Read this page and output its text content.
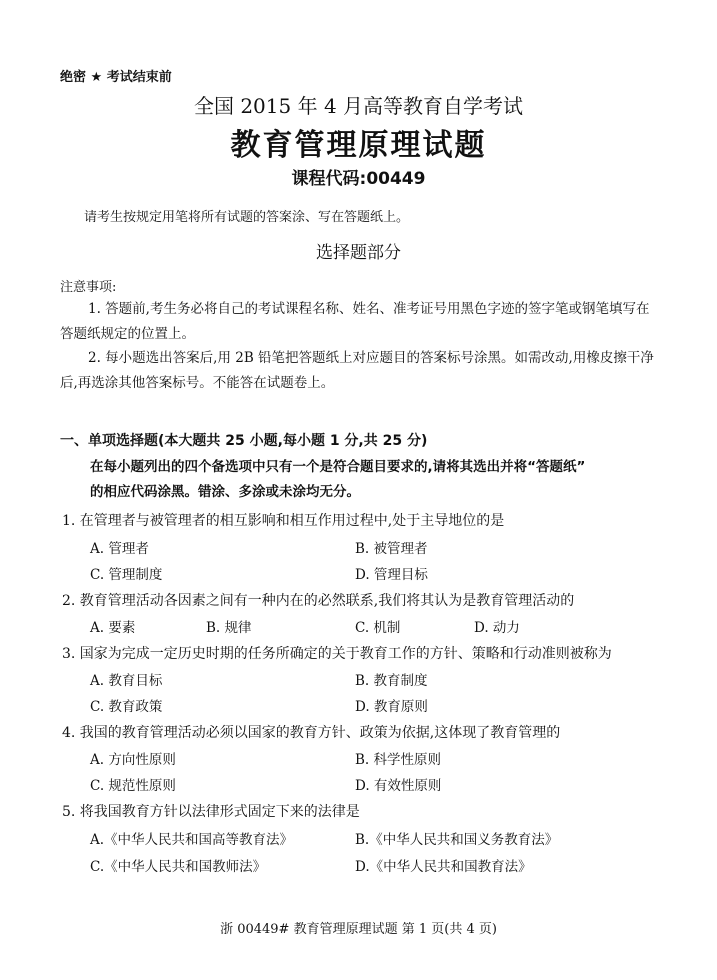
绝密 ★ 考试结束前
全国 2015 年 4 月高等教育自学考试
教育管理原理试题
课程代码:00449
请考生按规定用笔将所有试题的答案涂、写在答题纸上。
选择题部分
注意事项:
1. 答题前,考生务必将自己的考试课程名称、姓名、准考证号用黑色字迹的签字笔或钢笔填写在答题纸规定的位置上。
2. 每小题选出答案后,用 2B 铅笔把答题纸上对应题目的答案标号涂黑。如需改动,用橡皮擦干净后,再选涂其他答案标号。不能答在试题卷上。
一、单项选择题(本大题共 25 小题,每小题 1 分,共 25 分)
在每小题列出的四个备选项中只有一个是符合题目要求的,请将其选出并将“答题纸”
的相应代码涂黑。错涂、多涂或未涂均无分。
1. 在管理者与被管理者的相互影响和相互作用过程中,处于主导地位的是
A. 管理者	B. 被管理者
C. 管理制度	D. 管理目标
2. 教育管理活动各因素之间有一种内在的必然联系,我们将其认为是教育管理活动的
A. 要素	B. 规律	C. 机制	D. 动力
3. 国家为完成一定历史时期的任务所确定的关于教育工作的方针、策略和行动准则被称为
A. 教育目标	B. 教育制度
C. 教育政策	D. 教育原则
4. 我国的教育管理活动必须以国家的教育方针、政策为依据,这体现了教育管理的
A. 方向性原则	B. 科学性原则
C. 规范性原则	D. 有效性原则
5. 将我国教育方针以法律形式固定下来的法律是
A.《中华人民共和国高等教育法》	B.《中华人民共和国义务教育法》
C.《中华人民共和国教师法》	D.《中华人民共和国教育法》
浙 00449# 教育管理原理试题 第 1 页(共 4 页)
